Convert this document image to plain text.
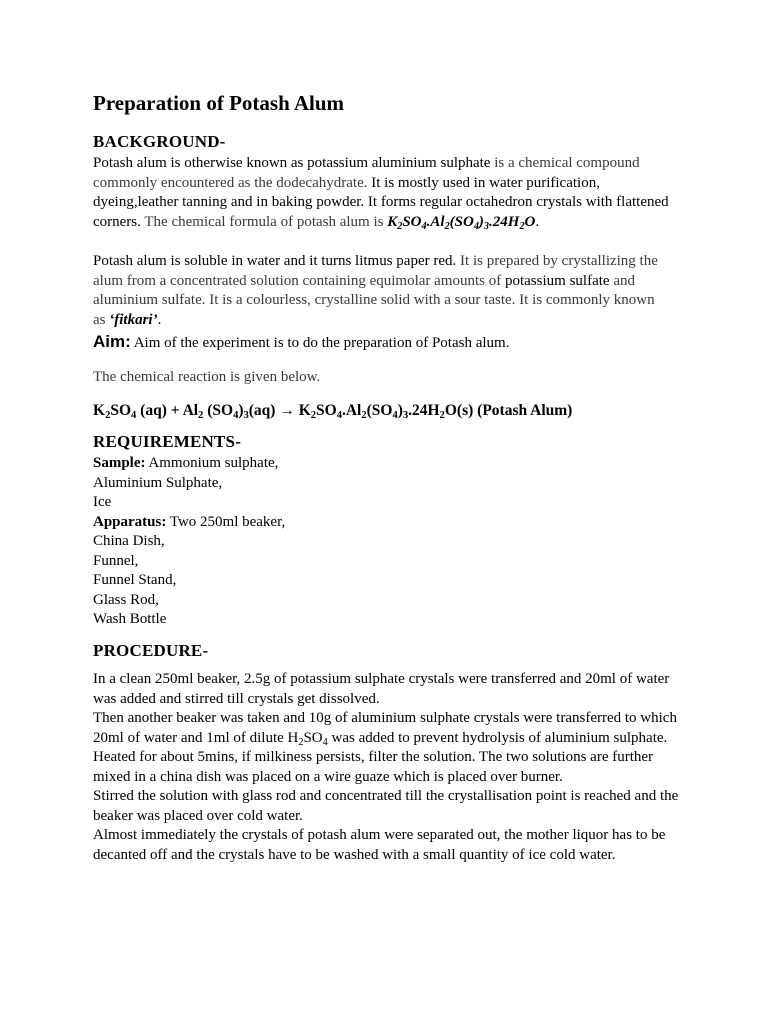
Preparation of Potash Alum
BACKGROUND-

Potash alum is otherwise known as potassium aluminium sulphate is a chemical compound commonly encountered as the dodecahydrate. It is mostly used in water purification, dyeing,leather tanning and in baking powder. It forms regular octahedron crystals with flattened corners. The chemical formula of potash alum is $K_2SO_4.Al_2(SO_4)_3.24H_2O$.

Potash alum is soluble in water and it turns litmus paper red. It is prepared by crystallizing the alum from a concentrated solution containing equimolar amounts of potassium sulfate and aluminium sulfate. It is a colourless, crystalline solid with a sour taste. It is commonly known as ‘fitkari’.

Aim: Aim of the experiment is to do the preparation of Potash alum.

The chemical reaction is given below.

$K_2SO_4$ $(aq) + Al_2$ $(SO_4)_3(aq) \to K_2SO_4.Al_2(SO_4)_3.24H_2O(s)$ (Potash Alum)

REQUIREMENTS-
Sample: Ammonium sulphate,
Aluminium Sulphate,
Ice
Apparatus: Two 250ml beaker,
China Dish,
Funnel,
Funnel Stand,
Glass Rod,
Wash Bottle
PROCEDURE-
In a clean 250ml beaker, 2.5g of potassium sulphate crystals were transferred and 20ml of water was added and stirred till crystals get dissolved.
Then another beaker was taken and 10g of aluminium sulphate crystals were transferred to which 20ml of water and 1ml of dilute $H_2SO_4$ was added to prevent hydrolysis of aluminium sulphate.
Heated for about 5mins, if milkiness persists, filter the solution. The two solutions are further mixed in a china dish was placed on a wire guaze which is placed over burner.
Stirred the solution with glass rod and concentrated till the crystallisation point is reached and the beaker was placed over cold water.
Almost immediately the crystals of potash alum were separated out, the mother liquor has to be decanted off and the crystals have to be washed with a small quantity of ice cold water.
